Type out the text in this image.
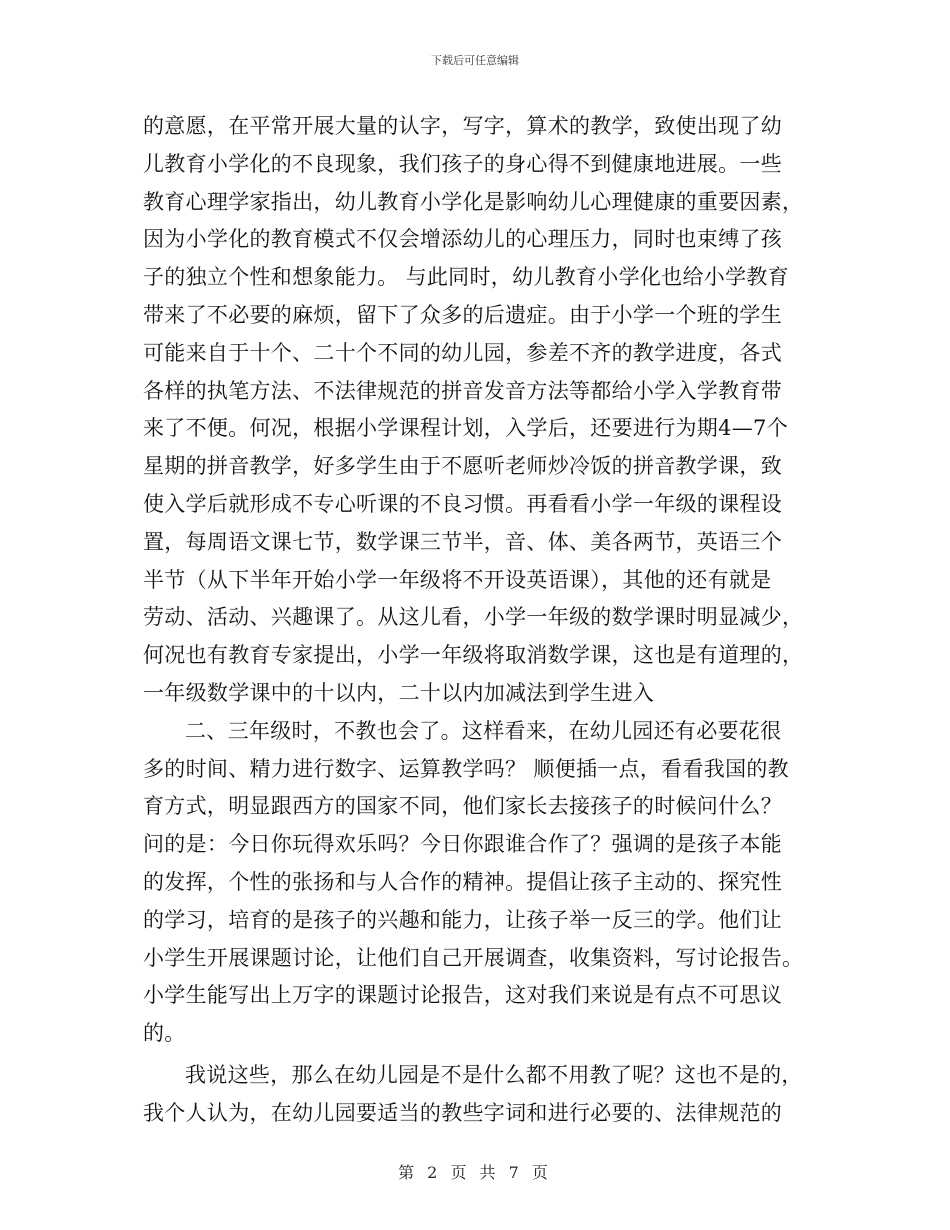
下载后可任意编辑

的意愿，在平常开展大量的认字，写字，算术的教学，致使出现了幼
儿教育小学化的不良现象，我们孩子的身心得不到健康地进展。一些
教育心理学家指出，幼儿教育小学化是影响幼儿心理健康的重要因素，
因为小学化的教育模式不仅会增添幼儿的心理压力，同时也束缚了孩
子的独立个性和想象能力。 与此同时，幼儿教育小学化也给小学教育
带来了不必要的麻烦，留下了众多的后遗症。由于小学一个班的学生
可能来自于十个、二十个不同的幼儿园，参差不齐的教学进度，各式
各样的执笔方法、不法律规范的拼音发音方法等都给小学入学教育带
来了不便。何况，根据小学课程计划，入学后，还要进行为期4—7个
星期的拼音教学，好多学生由于不愿听老师炒冷饭的拼音教学课，致
使入学后就形成不专心听课的不良习惯。再看看小学一年级的课程设
置，每周语文课七节，数学课三节半，音、体、美各两节，英语三个
半节（从下半年开始小学一年级将不开设英语课），其他的还有就是
劳动、活动、兴趣课了。从这儿看，小学一年级的数学课时明显减少，
何况也有教育专家提出，小学一年级将取消数学课，这也是有道理的，
一年级数学课中的十以内，二十以内加减法到学生进入

二、三年级时，不教也会了。这样看来，在幼儿园还有必要花很
多的时间、精力进行数字、运算教学吗？ 顺便插一点，看看我国的教
育方式，明显跟西方的国家不同，他们家长去接孩子的时候问什么？
问的是：今日你玩得欢乐吗？今日你跟谁合作了？强调的是孩子本能
的发挥，个性的张扬和与人合作的精神。提倡让孩子主动的、探究性
的学习，培育的是孩子的兴趣和能力，让孩子举一反三的学。他们让
小学生开展课题讨论，让他们自己开展调查，收集资料，写讨论报告。
小学生能写出上万字的课题讨论报告，这对我们来说是有点不可思议
的。

我说这些，那么在幼儿园是不是什么都不用教了呢？这也不是的，
我个人认为，在幼儿园要适当的教些字词和进行必要的、法律规范的

第 2 页 共 7 页
